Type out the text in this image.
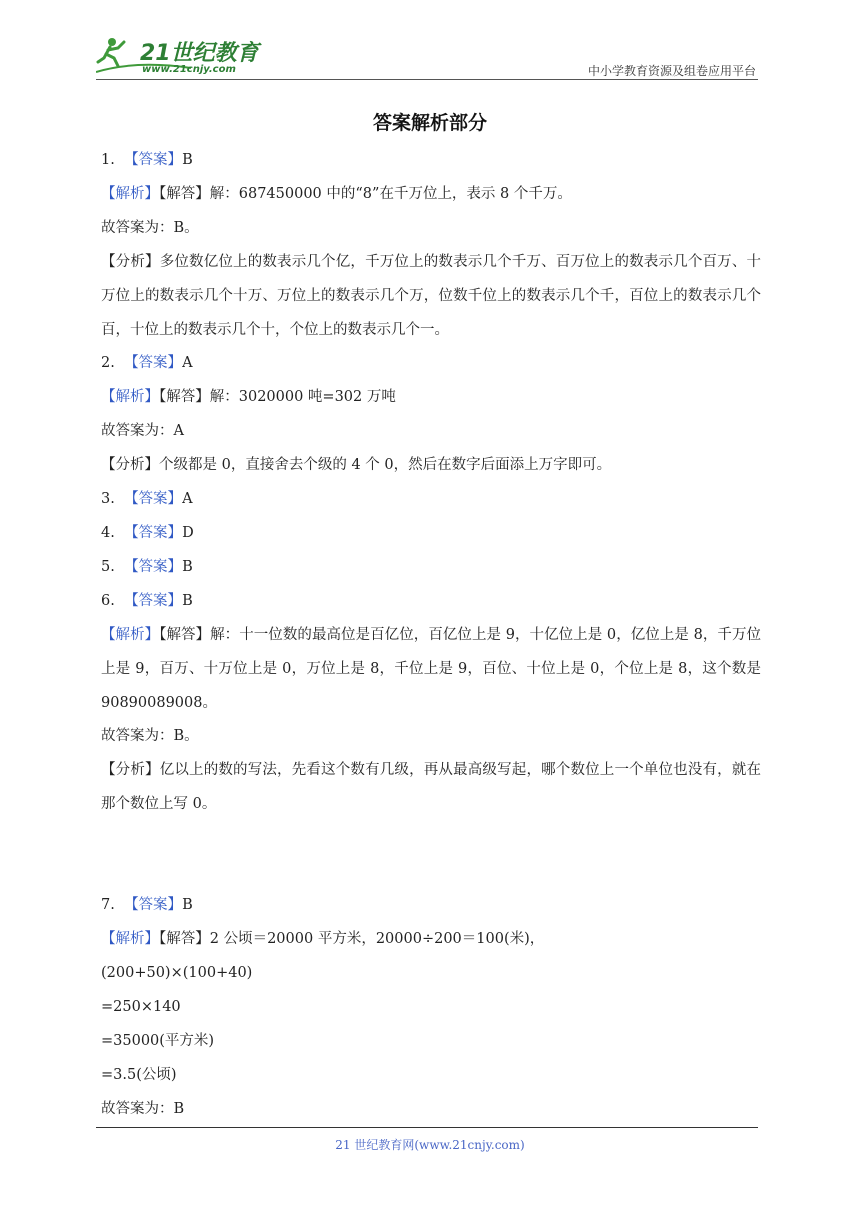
21世纪教育
www.21cnjy.com	中小学教育资源及组卷应用平台
答案解析部分
1. 【答案】B
【解析】【解答】解：687450000 中的“8”在千万位上，表示 8 个千万。
故答案为：B。
【分析】多位数亿位上的数表示几个亿，千万位上的数表示几个千万、百万位上的数表示几个百万、十万位上的数表示几个十万、万位上的数表示几个万，位数千位上的数表示几个千，百位上的数表示几个百，十位上的数表示几个十，个位上的数表示几个一。
2. 【答案】A
【解析】【解答】解：3020000 吨=302 万吨
故答案为：A
【分析】个级都是 0，直接舍去个级的 4 个 0，然后在数字后面添上万字即可。
3. 【答案】A
4. 【答案】D
5. 【答案】B
6. 【答案】B
【解析】【解答】解：十一位数的最高位是百亿位，百亿位上是 9，十亿位上是 0，亿位上是 8，千万位上是 9，百万、十万位上是 0，万位上是 8，千位上是 9，百位、十位上是 0，个位上是 8，这个数是 90890089008。
故答案为：B。
【分析】亿以上的数的写法，先看这个数有几级，再从最高级写起，哪个数位上一个单位也没有，就在那个数位上写 0。
7. 【答案】B
【解析】【解答】2 公顷＝20000 平方米，20000÷200＝100(米)，
(200+50)×(100+40)
=250×140
=35000(平方米)
=3.5(公顷)
故答案为：B
21 世纪教育网(www.21cnjy.com)
